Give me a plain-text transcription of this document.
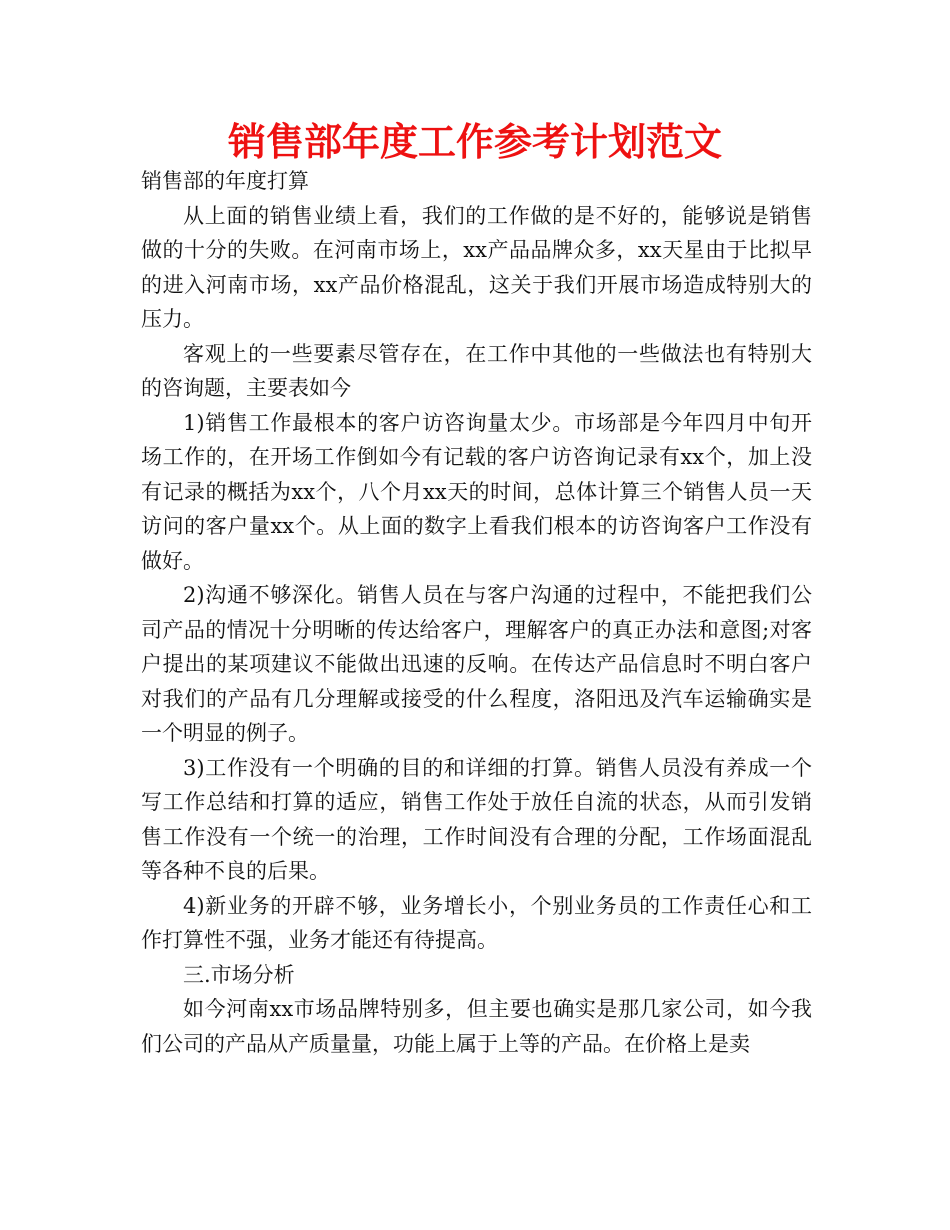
销售部年度工作参考计划范文

销售部的年度打算

从上面的销售业绩上看，我们的工作做的是不好的，能够说是销售做的十分的失败。在河南市场上，xx产品品牌众多，xx天星由于比拟早的进入河南市场，xx产品价格混乱，这关于我们开展市场造成特别大的压力。

客观上的一些要素尽管存在，在工作中其他的一些做法也有特别大的咨询题，主要表如今

1)销售工作最根本的客户访咨询量太少。市场部是今年四月中旬开场工作的，在开场工作倒如今有记载的客户访咨询记录有xx个，加上没有记录的概括为xx个，八个月xx天的时间，总体计算三个销售人员一天访问的客户量xx个。从上面的数字上看我们根本的访咨询客户工作没有做好。

2)沟通不够深化。销售人员在与客户沟通的过程中，不能把我们公司产品的情况十分明晰的传达给客户，理解客户的真正办法和意图;对客户提出的某项建议不能做出迅速的反响。在传达产品信息时不明白客户对我们的产品有几分理解或接受的什么程度，洛阳迅及汽车运输确实是一个明显的例子。

3)工作没有一个明确的目的和详细的打算。销售人员没有养成一个写工作总结和打算的适应，销售工作处于放任自流的状态，从而引发销售工作没有一个统一的治理，工作时间没有合理的分配，工作场面混乱等各种不良的后果。

4)新业务的开辟不够，业务增长小，个别业务员的工作责任心和工作打算性不强，业务才能还有待提高。

三.市场分析

如今河南xx市场品牌特别多，但主要也确实是那几家公司，如今我们公司的产品从产质量量，功能上属于上等的产品。在价格上是卖
